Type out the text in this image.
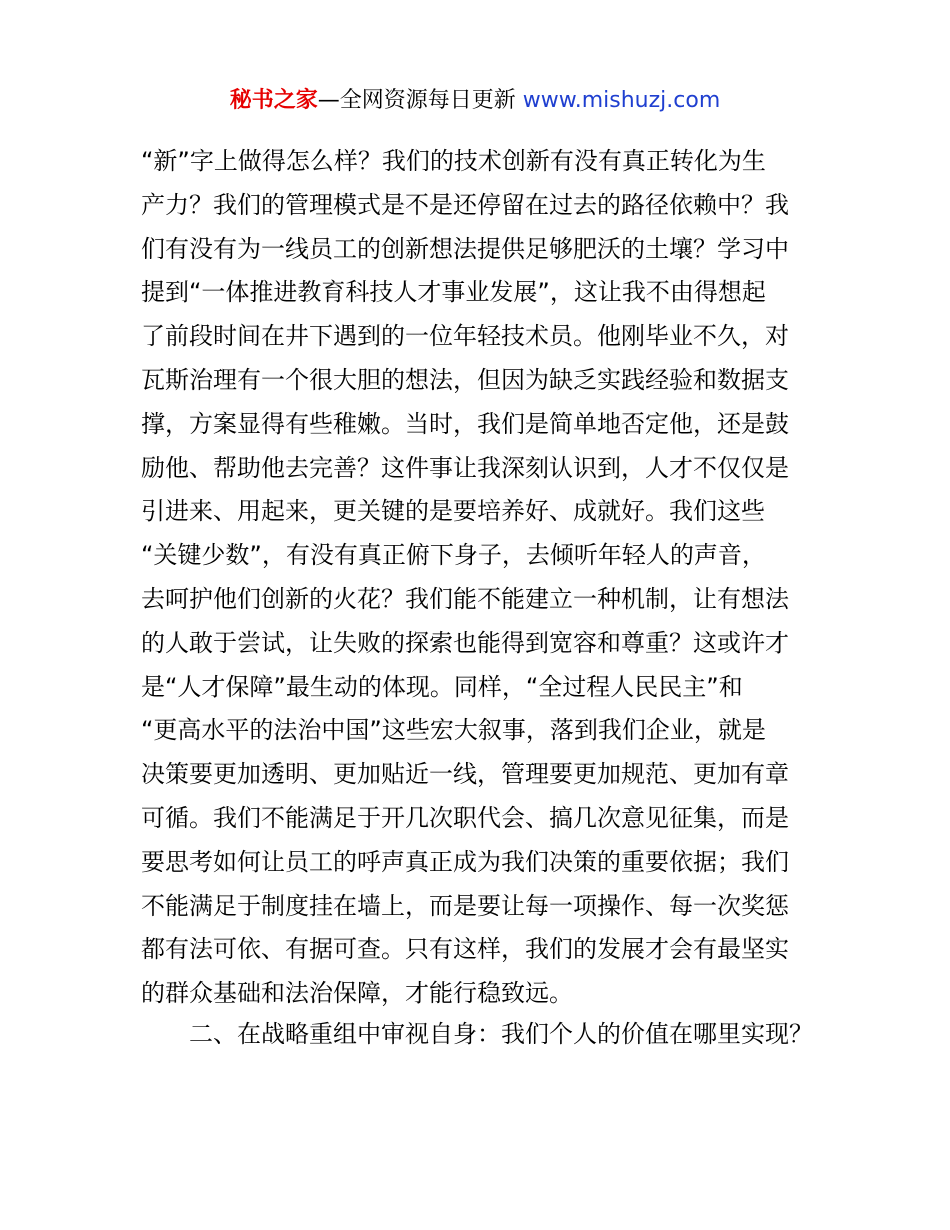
秘书之家—全网资源每日更新 www.mishuzj.com
“新”字上做得怎么样？我们的技术创新有没有真正转化为生
产力？我们的管理模式是不是还停留在过去的路径依赖中？我
们有没有为一线员工的创新想法提供足够肥沃的土壤？学习中
提到“一体推进教育科技人才事业发展”，这让我不由得想起
了前段时间在井下遇到的一位年轻技术员。他刚毕业不久，对
瓦斯治理有一个很大胆的想法，但因为缺乏实践经验和数据支
撑，方案显得有些稚嫩。当时，我们是简单地否定他，还是鼓
励他、帮助他去完善？这件事让我深刻认识到，人才不仅仅是
引进来、用起来，更关键的是要培养好、成就好。我们这些
“关键少数”，有没有真正俯下身子，去倾听年轻人的声音，
去呵护他们创新的火花？我们能不能建立一种机制，让有想法
的人敢于尝试，让失败的探索也能得到宽容和尊重？这或许才
是“人才保障”最生动的体现。同样，“全过程人民民主”和
“更高水平的法治中国”这些宏大叙事，落到我们企业，就是
决策要更加透明、更加贴近一线，管理要更加规范、更加有章
可循。我们不能满足于开几次职代会、搞几次意见征集，而是
要思考如何让员工的呼声真正成为我们决策的重要依据；我们
不能满足于制度挂在墙上，而是要让每一项操作、每一次奖惩
都有法可依、有据可查。只有这样，我们的发展才会有最坚实
的群众基础和法治保障，才能行稳致远。
二、在战略重组中审视自身：我们个人的价值在哪里实现？
